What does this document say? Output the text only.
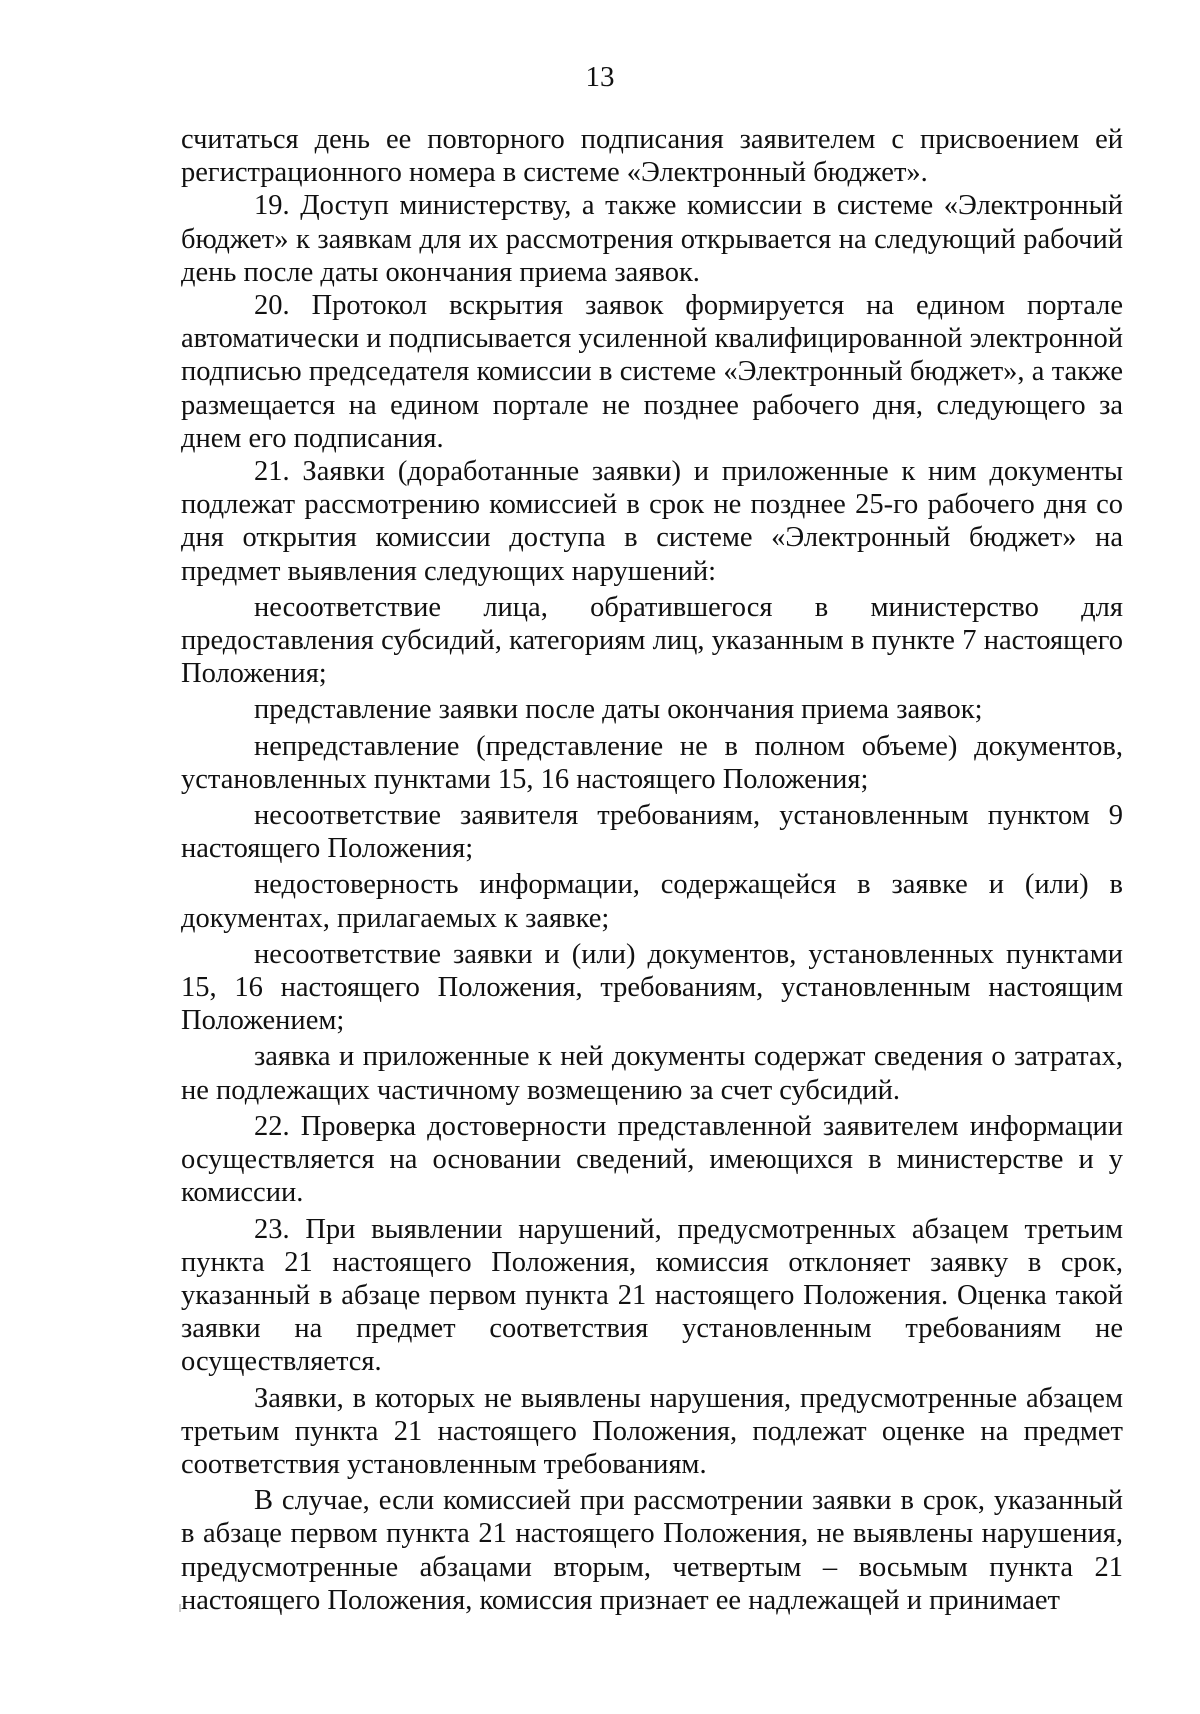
13

считаться день ее повторного подписания заявителем с присвоением ей регистрационного номера в системе «Электронный бюджет».

19. Доступ министерству, а также комиссии в системе «Электронный бюджет» к заявкам для их рассмотрения открывается на следующий рабочий день после даты окончания приема заявок.

20. Протокол вскрытия заявок формируется на едином портале автоматически и подписывается усиленной квалифицированной электронной подписью председателя комиссии в системе «Электронный бюджет», а также размещается на едином портале не позднее рабочего дня, следующего за днем его подписания.

21. Заявки (доработанные заявки) и приложенные к ним документы подлежат рассмотрению комиссией в срок не позднее 25-го рабочего дня со дня открытия комиссии доступа в системе «Электронный бюджет» на предмет выявления следующих нарушений:

несоответствие лица, обратившегося в министерство для предоставления субсидий, категориям лиц, указанным в пункте 7 настоящего Положения;

представление заявки после даты окончания приема заявок;

непредставление (представление не в полном объеме) документов, установленных пунктами 15, 16 настоящего Положения;

несоответствие заявителя требованиям, установленным пунктом 9 настоящего Положения;

недостоверность информации, содержащейся в заявке и (или) в документах, прилагаемых к заявке;

несоответствие заявки и (или) документов, установленных пунктами 15, 16 настоящего Положения, требованиям, установленным настоящим Положением;

заявка и приложенные к ней документы содержат сведения о затратах, не подлежащих частичному возмещению за счет субсидий.

22. Проверка достоверности представленной заявителем информации осуществляется на основании сведений, имеющихся в министерстве и у комиссии.

23. При выявлении нарушений, предусмотренных абзацем третьим пункта 21 настоящего Положения, комиссия отклоняет заявку в срок, указанный в абзаце первом пункта 21 настоящего Положения. Оценка такой заявки на предмет соответствия установленным требованиям не осуществляется.

Заявки, в которых не выявлены нарушения, предусмотренные абзацем третьим пункта 21 настоящего Положения, подлежат оценке на предмет соответствия установленным требованиям.

В случае, если комиссией при рассмотрении заявки в срок, указанный в абзаце первом пункта 21 настоящего Положения, не выявлены нарушения, предусмотренные абзацами вторым, четвертым – восьмым пункта 21 настоящего Положения, комиссия признает ее надлежащей и принимает
